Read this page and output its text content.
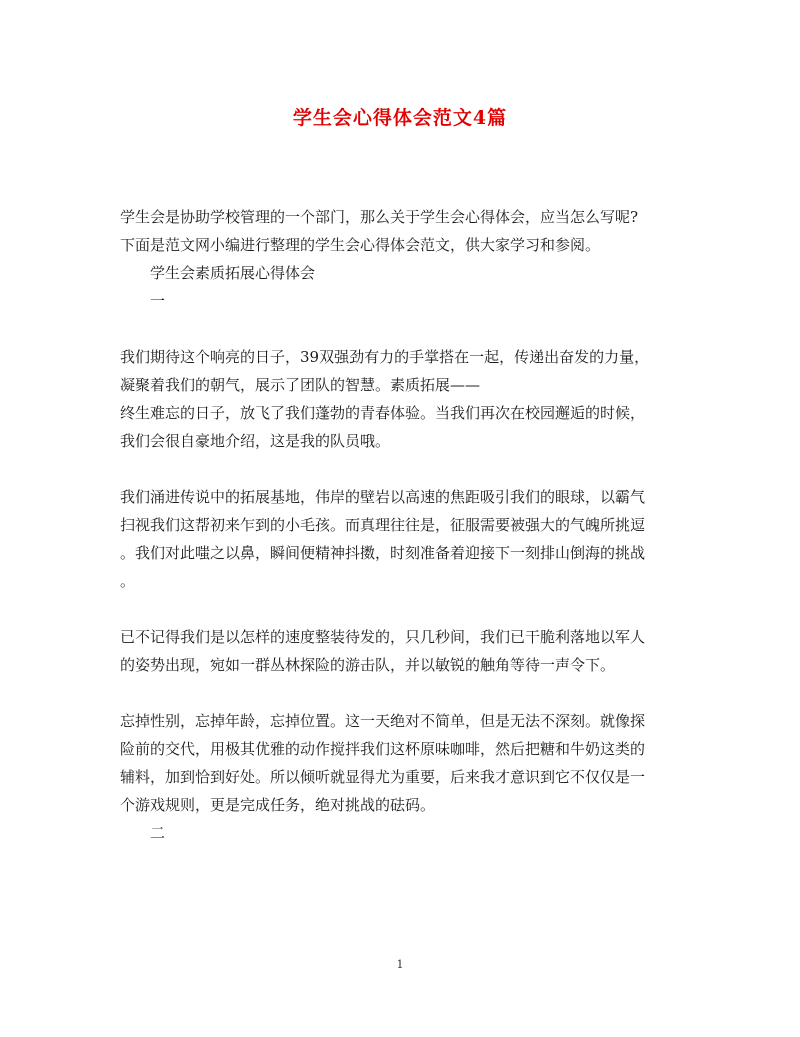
学生会心得体会范文4篇
学生会是协助学校管理的一个部门，那么关于学生会心得体会，应当怎么写呢?
下面是范文网小编进行整理的学生会心得体会范文，供大家学习和参阅。
学生会素质拓展心得体会
一
我们期待这个响亮的日子，39双强劲有力的手掌搭在一起，传递出奋发的力量，
凝聚着我们的朝气，展示了团队的智慧。素质拓展——
终生难忘的日子，放飞了我们蓬勃的青春体验。当我们再次在校园邂逅的时候，
我们会很自豪地介绍，这是我的队员哦。
我们涌进传说中的拓展基地，伟岸的壁岩以高速的焦距吸引我们的眼球，以霸气
扫视我们这帮初来乍到的小毛孩。而真理往往是，征服需要被强大的气魄所挑逗
。我们对此嗤之以鼻，瞬间便精神抖擞，时刻准备着迎接下一刻排山倒海的挑战
。
已不记得我们是以怎样的速度整装待发的，只几秒间，我们已干脆利落地以军人
的姿势出现，宛如一群丛林探险的游击队，并以敏锐的触角等待一声令下。
忘掉性别，忘掉年龄，忘掉位置。这一天绝对不简单，但是无法不深刻。就像探
险前的交代，用极其优雅的动作搅拌我们这杯原味咖啡，然后把糖和牛奶这类的
辅料，加到恰到好处。所以倾听就显得尤为重要，后来我才意识到它不仅仅是一
个游戏规则，更是完成任务，绝对挑战的砝码。
二
1
